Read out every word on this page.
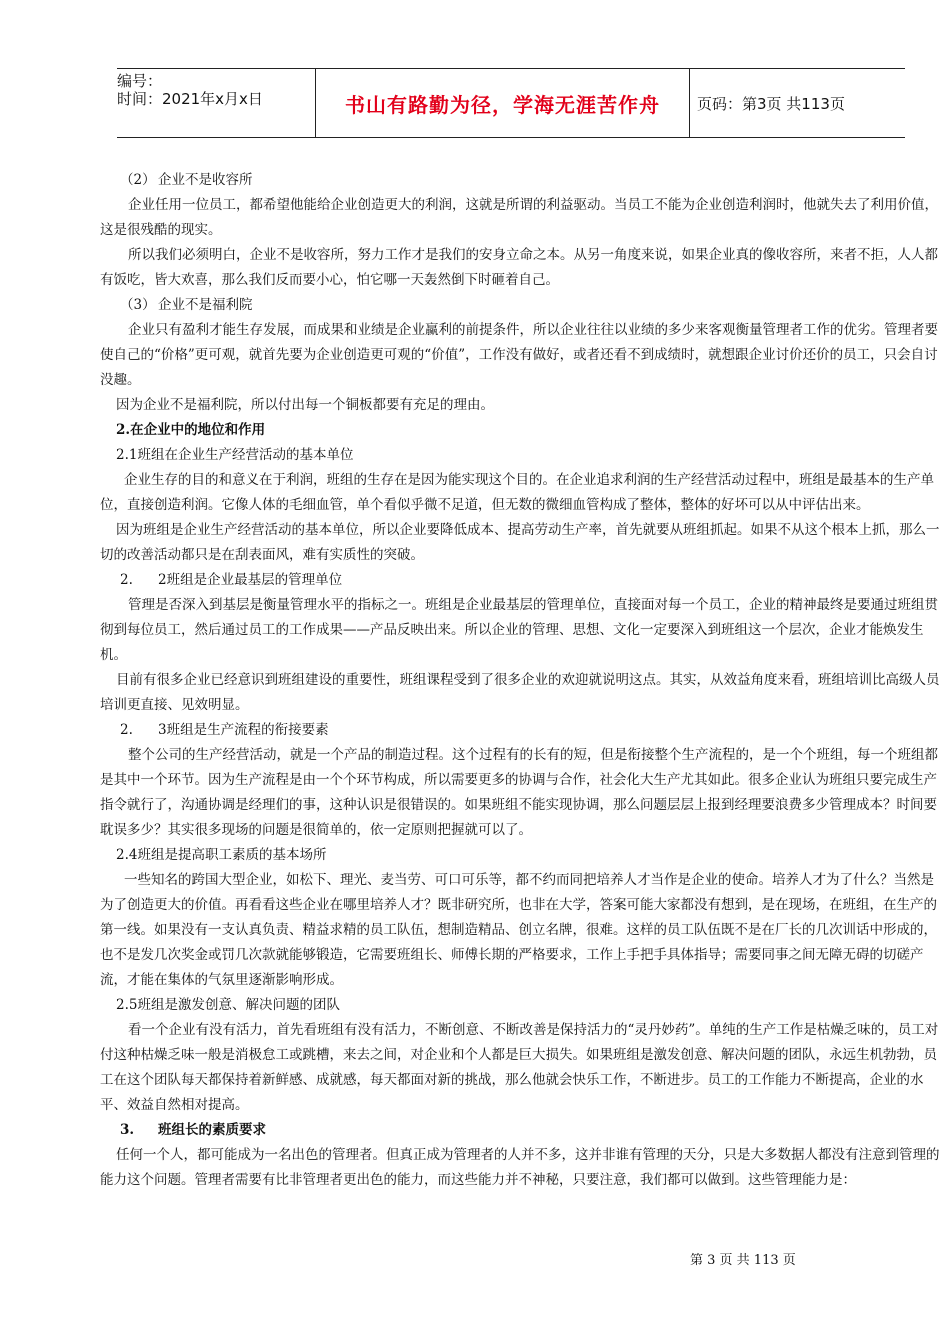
编号：
时间：2021年x月x日	书山有路勤为径，学海无涯苦作舟	页码：第3页 共113页

（2） 企业不是收容所

企业任用一位员工，都希望他能给企业创造更大的利润，这就是所谓的利益驱动。当员工不能为企业创造利润时，他就失去了利用价值，这是很残酷的现实。

所以我们必须明白，企业不是收容所，努力工作才是我们的安身立命之本。从另一角度来说，如果企业真的像收容所，来者不拒，人人都有饭吃，皆大欢喜，那么我们反而要小心，怕它哪一天轰然倒下时砸着自己。

（3） 企业不是福利院

企业只有盈利才能生存发展，而成果和业绩是企业赢利的前提条件，所以企业往往以业绩的多少来客观衡量管理者工作的优劣。管理者要使自己的“价格”更可观，就首先要为企业创造更可观的“价值”，工作没有做好，或者还看不到成绩时，就想跟企业讨价还价的员工，只会自讨没趣。

因为企业不是福利院，所以付出每一个铜板都要有充足的理由。

2.在企业中的地位和作用

2.1班组在企业生产经营活动的基本单位

企业生存的目的和意义在于利润，班组的生存在是因为能实现这个目的。在企业追求利润的生产经营活动过程中，班组是最基本的生产单位，直接创造利润。它像人体的毛细血管，单个看似乎微不足道，但无数的微细血管构成了整体，整体的好坏可以从中评估出来。

因为班组是企业生产经营活动的基本单位，所以企业要降低成本、提高劳动生产率，首先就要从班组抓起。如果不从这个根本上抓，那么一切的改善活动都只是在刮表面风，难有实质性的突破。

2. 2班组是企业最基层的管理单位

管理是否深入到基层是衡量管理水平的指标之一。班组是企业最基层的管理单位，直接面对每一个员工，企业的精神最终是要通过班组贯彻到每位员工，然后通过员工的工作成果——产品反映出来。所以企业的管理、思想、文化一定要深入到班组这一个层次，企业才能焕发生机。

目前有很多企业已经意识到班组建设的重要性，班组课程受到了很多企业的欢迎就说明这点。其实，从效益角度来看，班组培训比高级人员培训更直接、见效明显。

2. 3班组是生产流程的衔接要素

整个公司的生产经营活动，就是一个产品的制造过程。这个过程有的长有的短，但是衔接整个生产流程的，是一个个班组，每一个班组都是其中一个环节。因为生产流程是由一个个环节构成，所以需要更多的协调与合作，社会化大生产尤其如此。很多企业认为班组只要完成生产指令就行了，沟通协调是经理们的事，这种认识是很错误的。如果班组不能实现协调，那么问题层层上报到经理要浪费多少管理成本？时间要耽误多少？其实很多现场的问题是很简单的，依一定原则把握就可以了。

2.4班组是提高职工素质的基本场所

一些知名的跨国大型企业，如松下、理光、麦当劳、可口可乐等，都不约而同把培养人才当作是企业的使命。培养人才为了什么？当然是为了创造更大的价值。再看看这些企业在哪里培养人才？既非研究所，也非在大学，答案可能大家都没有想到，是在现场，在班组，在生产的第一线。如果没有一支认真负责、精益求精的员工队伍，想制造精品、创立名牌，很难。这样的员工队伍既不是在厂长的几次训话中形成的，也不是发几次奖金或罚几次款就能够锻造，它需要班组长、师傅长期的严格要求，工作上手把手具体指导；需要同事之间无障无碍的切磋产流，才能在集体的气氛里逐渐影响形成。

2.5班组是激发创意、解决问题的团队

看一个企业有没有活力，首先看班组有没有活力，不断创意、不断改善是保持活力的“灵丹妙药”。单纯的生产工作是枯燥乏味的，员工对付这种枯燥乏味一般是消极怠工或跳槽，来去之间，对企业和个人都是巨大损失。如果班组是激发创意、解决问题的团队，永远生机勃勃，员工在这个团队每天都保持着新鲜感、成就感，每天都面对新的挑战，那么他就会快乐工作，不断进步。员工的工作能力不断提高，企业的水平、效益自然相对提高。

3. 班组长的素质要求

任何一个人，都可能成为一名出色的管理者。但真正成为管理者的人并不多，这并非谁有管理的天分，只是大多数据人都没有注意到管理的能力这个问题。管理者需要有比非管理者更出色的能力，而这些能力并不神秘，只要注意，我们都可以做到。这些管理能力是：

第 3 页 共 113 页
